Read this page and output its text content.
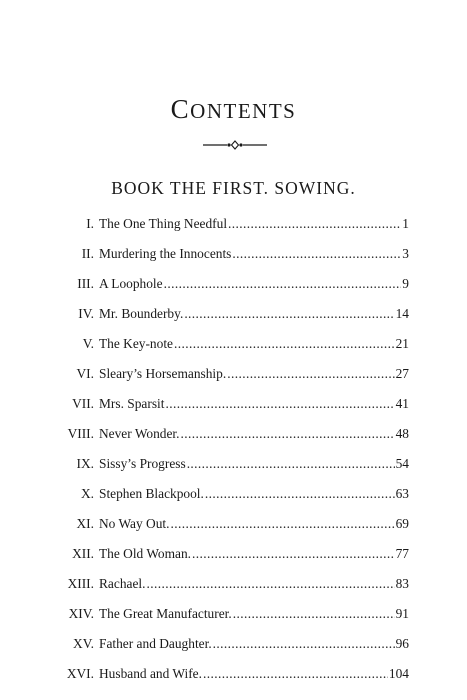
CONTENTS
BOOK THE FIRST. SOWING.
I. The One Thing Needful .....	1
II. Murdering the Innocents .....	3
III. A Loophole .....	9
IV. Mr. Bounderby. .....	14
V. The Key-note .....	21
VI. Sleary’s Horsemanship. .....	27
VII. Mrs. Sparsit .....	41
VIII. Never Wonder. .....	48
IX. Sissy’s Progress .....	54
X. Stephen Blackpool. .....	63
XI. No Way Out. .....	69
XII. The Old Woman. .....	77
XIII. Rachael. .....	83
XIV. The Great Manufacturer. .....	91
XV. Father and Daughter. .....	96
XVI. Husband and Wife. .....	104
